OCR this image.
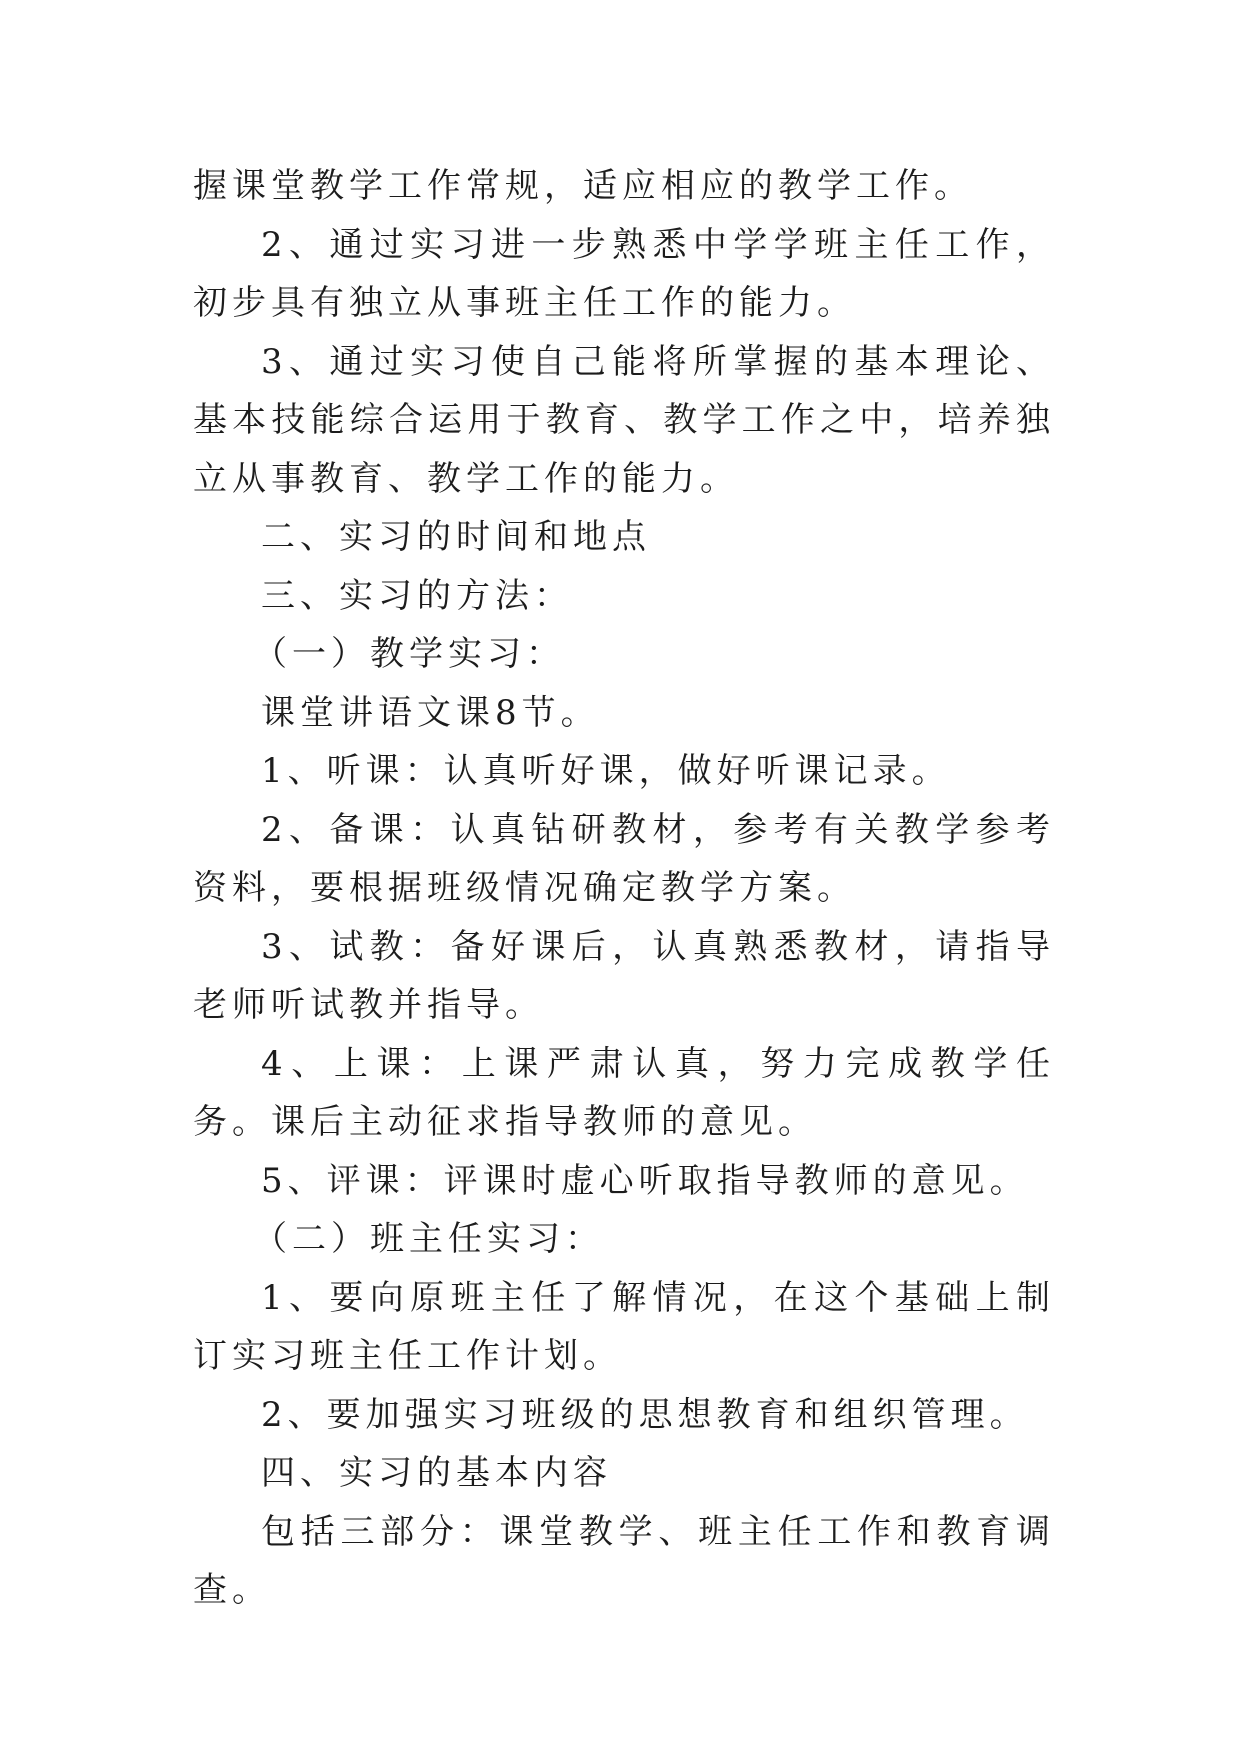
握课堂教学工作常规，适应相应的教学工作。

2、通过实习进一步熟悉中学学班主任工作，初步具有独立从事班主任工作的能力。

3、通过实习使自己能将所掌握的基本理论、基本技能综合运用于教育、教学工作之中，培养独立从事教育、教学工作的能力。

二、实习的时间和地点

三、实习的方法：

（一）教学实习：

课堂讲语文课8节。

1、听课：认真听好课，做好听课记录。

2、备课：认真钻研教材，参考有关教学参考资料，要根据班级情况确定教学方案。

3、试教：备好课后，认真熟悉教材，请指导老师听试教并指导。

4、上课：上课严肃认真，努力完成教学任务。课后主动征求指导教师的意见。

5、评课：评课时虚心听取指导教师的意见。

（二）班主任实习：

1、要向原班主任了解情况，在这个基础上制订实习班主任工作计划。

2、要加强实习班级的思想教育和组织管理。

四、实习的基本内容

包括三部分：课堂教学、班主任工作和教育调查。
